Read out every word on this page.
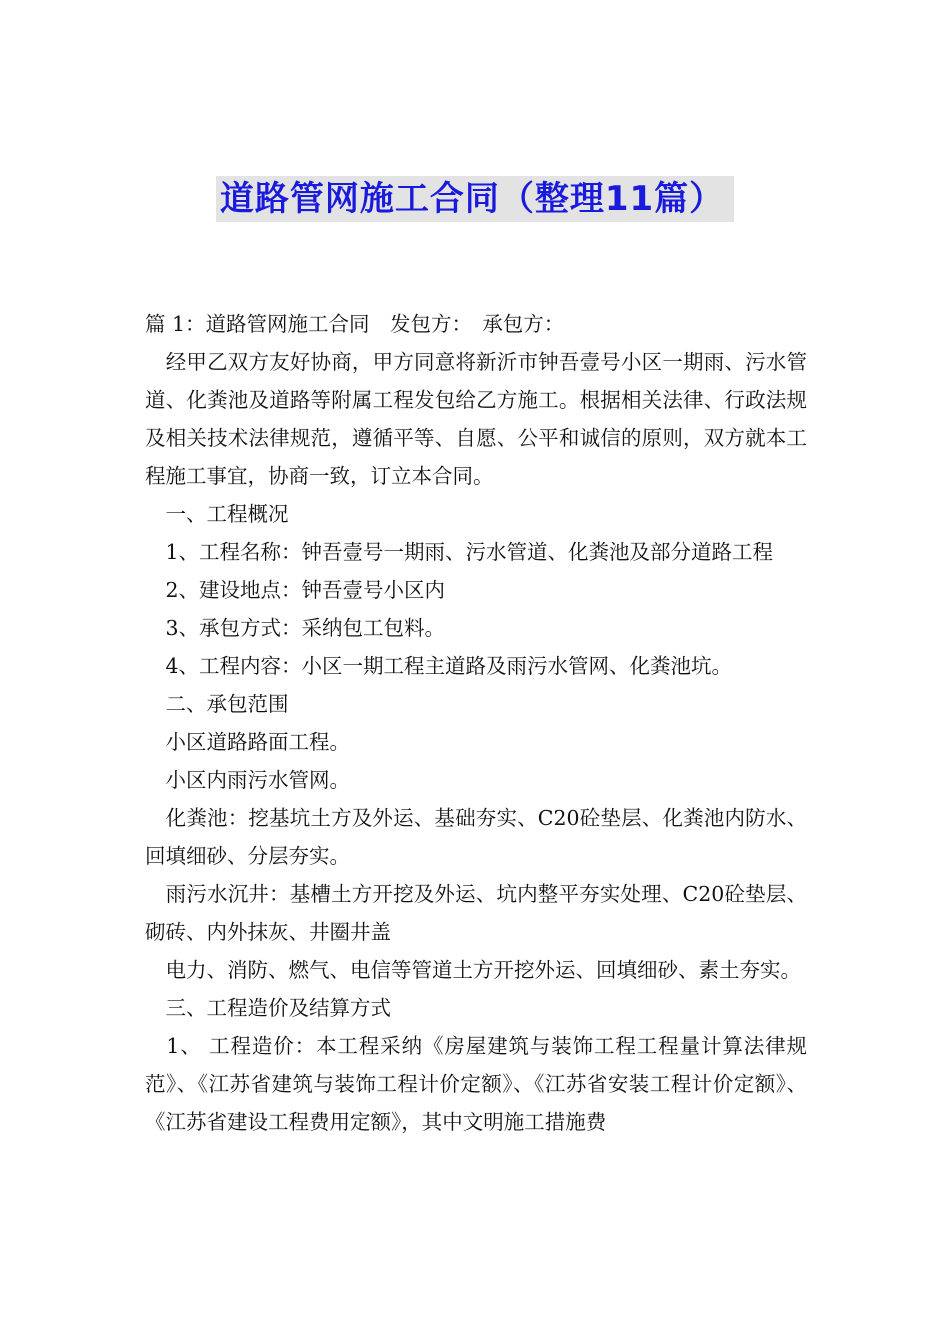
道路管网施工合同（整理11篇）

篇 1：道路管网施工合同　发包方：　承包方：

　经甲乙双方友好协商，甲方同意将新沂市钟吾壹号小区一期雨、污水管道、化粪池及道路等附属工程发包给乙方施工。根据相关法律、行政法规及相关技术法律规范，遵循平等、自愿、公平和诚信的原则，双方就本工程施工事宜，协商一致，订立本合同。

　一、工程概况

　1、工程名称：钟吾壹号一期雨、污水管道、化粪池及部分道路工程

　2、建设地点：钟吾壹号小区内

　3、承包方式：采纳包工包料。

　4、工程内容：小区一期工程主道路及雨污水管网、化粪池坑。

　二、承包范围

　小区道路路面工程。

　小区内雨污水管网。

　化粪池：挖基坑土方及外运、基础夯实、C20砼垫层、化粪池内防水、回填细砂、分层夯实。

　雨污水沉井：基槽土方开挖及外运、坑内整平夯实处理、C20砼垫层、砌砖、内外抹灰、井圈井盖

　电力、消防、燃气、电信等管道土方开挖外运、回填细砂、素土夯实。

　三、工程造价及结算方式

　1、 工程造价：本工程采纳《房屋建筑与装饰工程工程量计算法律规范》、《江苏省建筑与装饰工程计价定额》、《江苏省安装工程计价定额》、《江苏省建设工程费用定额》，其中文明施工措施费
